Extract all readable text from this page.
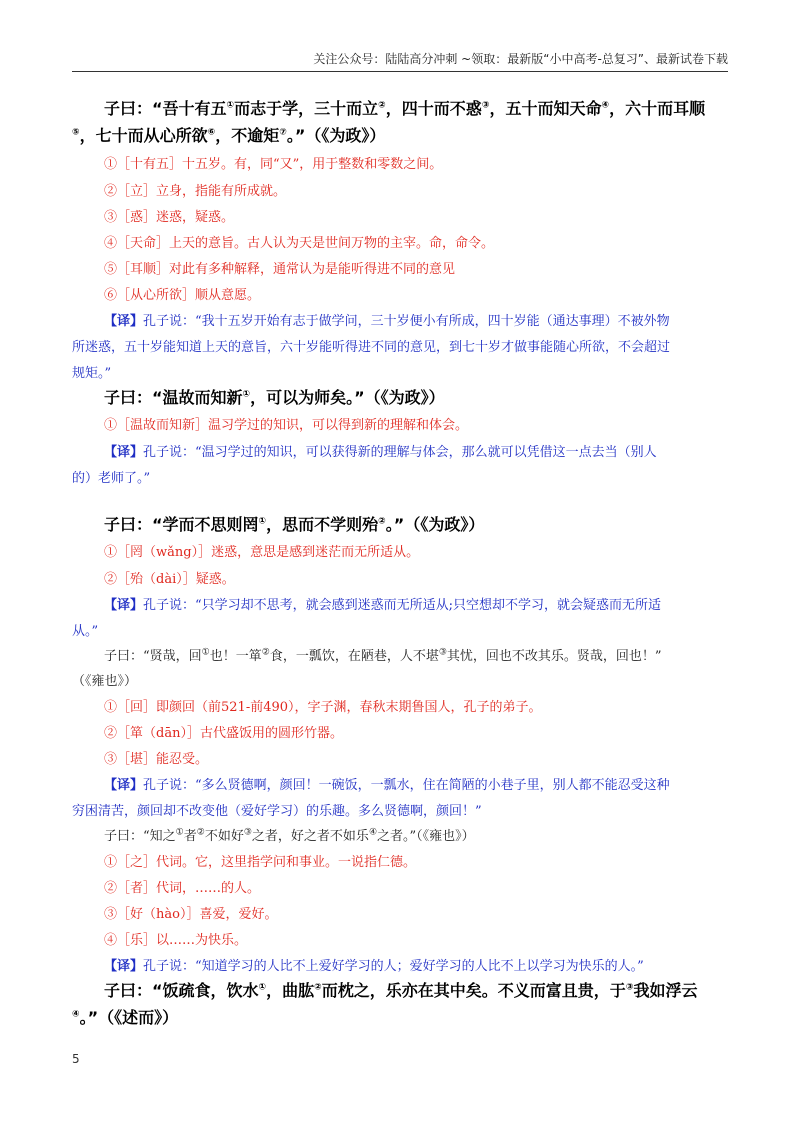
关注公众号：陆陆高分冲刺 ~领取：最新版“小中高考-总复习”、最新试卷下载
子曰：“吾十有五①而志于学，三十而立②，四十而不惑③，五十而知天命④，六十而耳顺
⑤，七十而从心所欲⑥，不逾矩⑦。”（《为政》）
①［十有五］十五岁。有，同“又”，用于整数和零数之间。
②［立］立身，指能有所成就。
③［惑］迷惑，疑惑。
④［天命］上天的意旨。古人认为天是世间万物的主宰。命，命令。
⑤［耳顺］对此有多种解释，通常认为是能听得进不同的意见
⑥［从心所欲］顺从意愿。
【译】孔子说：“我十五岁开始有志于做学问，三十岁便小有所成，四十岁能（通达事理）不被外物
所迷惑，五十岁能知道上天的意旨，六十岁能听得进不同的意见，到七十岁才做事能随心所欲，不会超过
规矩。”
子曰：“温故而知新①，可以为师矣。”（《为政》）
①［温故而知新］温习学过的知识，可以得到新的理解和体会。
【译】孔子说：“温习学过的知识，可以获得新的理解与体会，那么就可以凭借这一点去当（别人
的）老师了。”
子曰：“学而不思则罔①，思而不学则殆②。”（《为政》）
①［罔（wǎng）］迷惑，意思是感到迷茫而无所适从。
②［殆（dài）］疑惑。
【译】孔子说：“只学习却不思考，就会感到迷惑而无所适从;只空想却不学习，就会疑惑而无所适
从。”
子曰：“贤哉，回①也！一箪②食，一瓢饮，在陋巷，人不堪③其忧，回也不改其乐。贤哉，回也！”
（《雍也》）
①［回］即颜回（前521-前490），字子渊，春秋末期鲁国人，孔子的弟子。
②［箪（dān）］古代盛饭用的圆形竹器。
③［堪］能忍受。
【译】孔子说：“多么贤德啊，颜回！一碗饭，一瓢水，住在简陋的小巷子里，别人都不能忍受这种
穷困清苦，颜回却不改变他（爱好学习）的乐趣。多么贤德啊，颜回！”
子曰：“知之①者②不如好③之者，好之者不如乐④之者。”（《雍也》）
①［之］代词。它，这里指学问和事业。一说指仁德。
②［者］代词，……的人。
③［好（hào）］喜爱，爱好。
④［乐］以……为快乐。
【译】孔子说：“知道学习的人比不上爱好学习的人；爱好学习的人比不上以学习为快乐的人。”
子曰：“饭疏食，饮水①，曲肱②而枕之，乐亦在其中矣。不义而富且贵，于③我如浮云
④。”（《述而》）
5
